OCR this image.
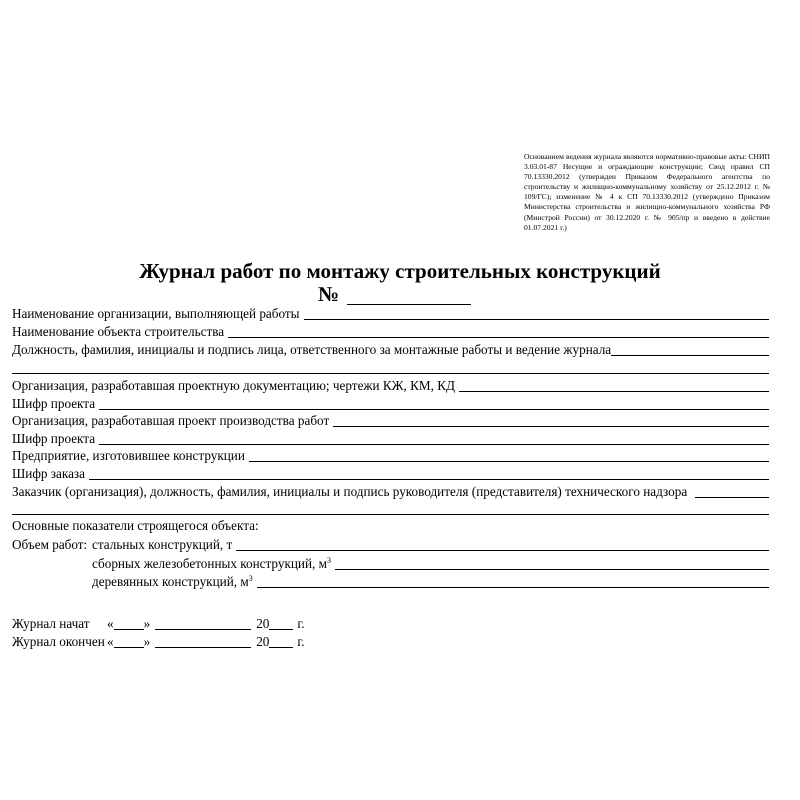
Основанием ведения журнала являются нормативно-правовые акты: СНИП 3.03.01-87 Несущие и ограждающие конструкции; Свод правил СП 70.13330.2012 (утвержден Приказом Федерального агентства по строительству и жилищно-коммунальному хозяйству от 25.12.2012 г. № 109/ГС); изменение № 4 к СП 70.13330.2012 (утверждено Приказом Министерства строительства и жилищно-коммунального хозяйства РФ (Минстрой России) от 30.12.2020 г. № 905/пр и введено в действие 01.07.2021 г.)
Журнал работ по монтажу строительных конструкций
№
Наименование организации, выполняющей работы
Наименование объекта строительства
Должность, фамилия, инициалы и подпись лица, ответственного за монтажные работы и ведение журнала
Организация, разработавшая проектную документацию; чертежи КЖ, КМ, КД
Шифр проекта
Организация, разработавшая проект производства работ
Шифр проекта
Предприятие, изготовившее конструкции
Шифр заказа
Заказчик (организация), должность, фамилия, инициалы и подпись руководителя (представителя) технического надзора
Основные показатели строящегося объекта:
Объем работ: стальных конструкций, т
сборных железобетонных конструкций, $м^3$
деревянных конструкций, $м^3$
Журнал начат	« »	20 г.
Журнал окончен « »	20 г.
